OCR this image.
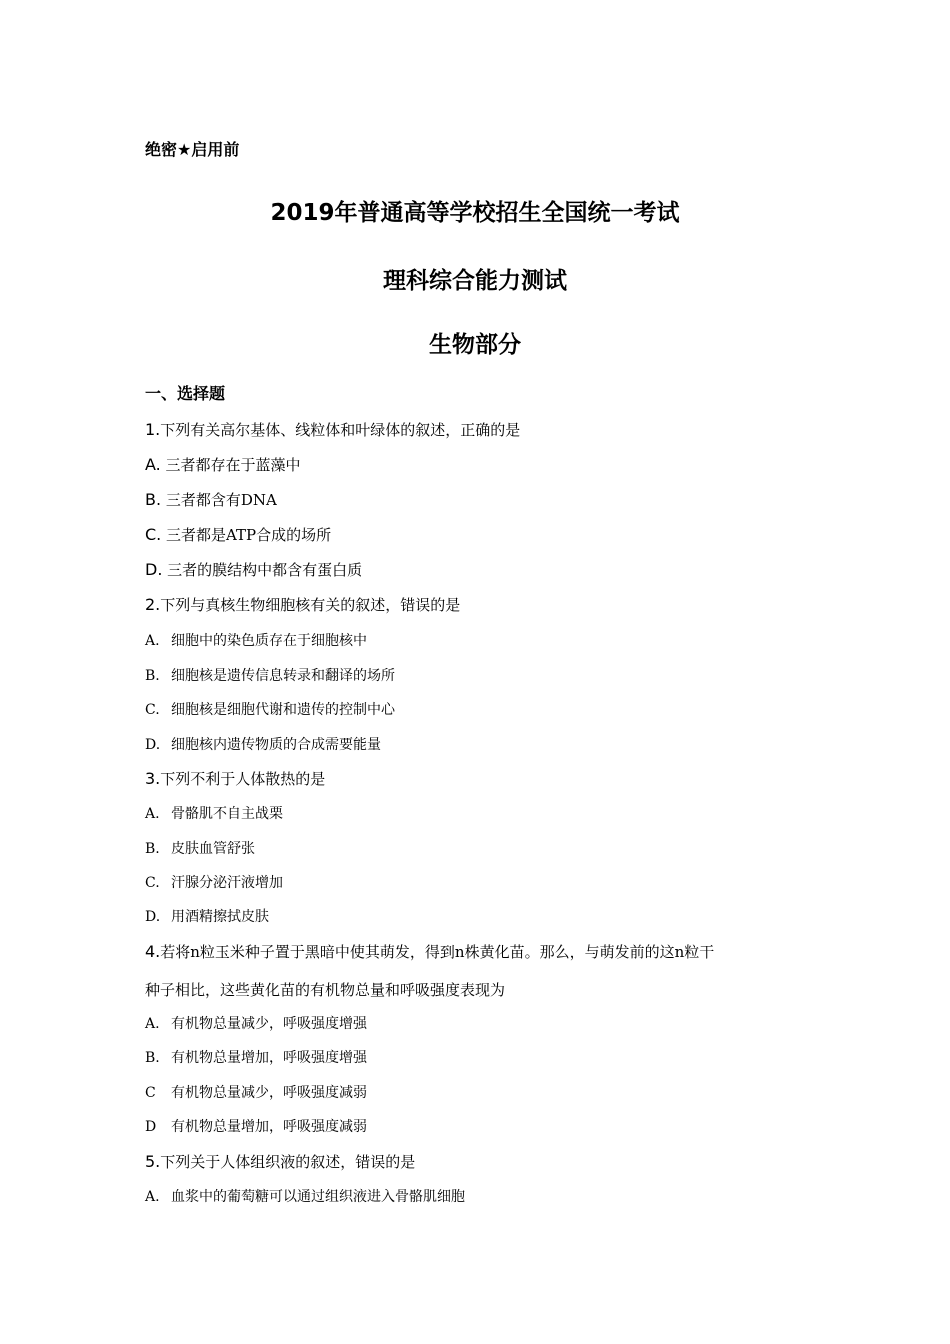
绝密★启用前
2019年普通高等学校招生全国统一考试
理科综合能力测试
生物部分
一、选择题
1.下列有关高尔基体、线粒体和叶绿体的叙述，正确的是
A. 三者都存在于蓝藻中
B. 三者都含有DNA
C. 三者都是ATP合成的场所
D. 三者的膜结构中都含有蛋白质
2.下列与真核生物细胞核有关的叙述，错误的是
A. 细胞中的染色质存在于细胞核中
B. 细胞核是遗传信息转录和翻译的场所
C. 细胞核是细胞代谢和遗传的控制中心
D. 细胞核内遗传物质的合成需要能量
3.下列不利于人体散热的是
A. 骨骼肌不自主战栗
B. 皮肤血管舒张
C. 汗腺分泌汗液增加
D. 用酒精擦拭皮肤
4.若将n粒玉米种子置于黑暗中使其萌发，得到n株黄化苗。那么，与萌发前的这n粒干
种子相比，这些黄化苗的有机物总量和呼吸强度表现为
A. 有机物总量减少，呼吸强度增强
B. 有机物总量增加，呼吸强度增强
C 有机物总量减少，呼吸强度减弱
D 有机物总量增加，呼吸强度减弱
5.下列关于人体组织液的叙述，错误的是
A. 血浆中的葡萄糖可以通过组织液进入骨骼肌细胞
